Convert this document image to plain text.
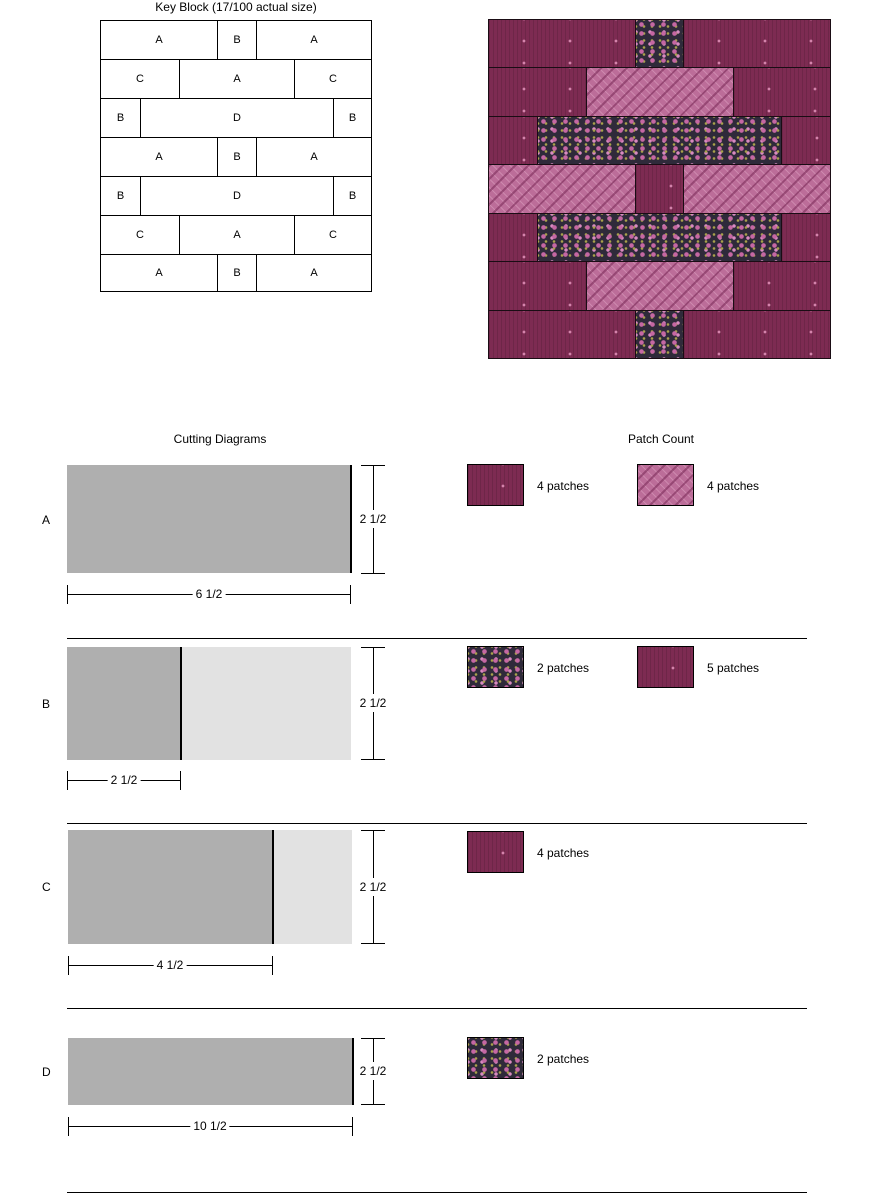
Key Block (17/100 actual size)
A	B	A
C	A	C
B	D	B
A	B	A
B	D	B
C	A	C
A	B	A
Cutting Diagrams	Patch Count
A	2 1/2
6 1/2
4 patches	4 patches
B	2 1/2
2 1/2
2 patches	5 patches
C	2 1/2
4 1/2
4 patches
D	2 1/2
10 1/2
2 patches
